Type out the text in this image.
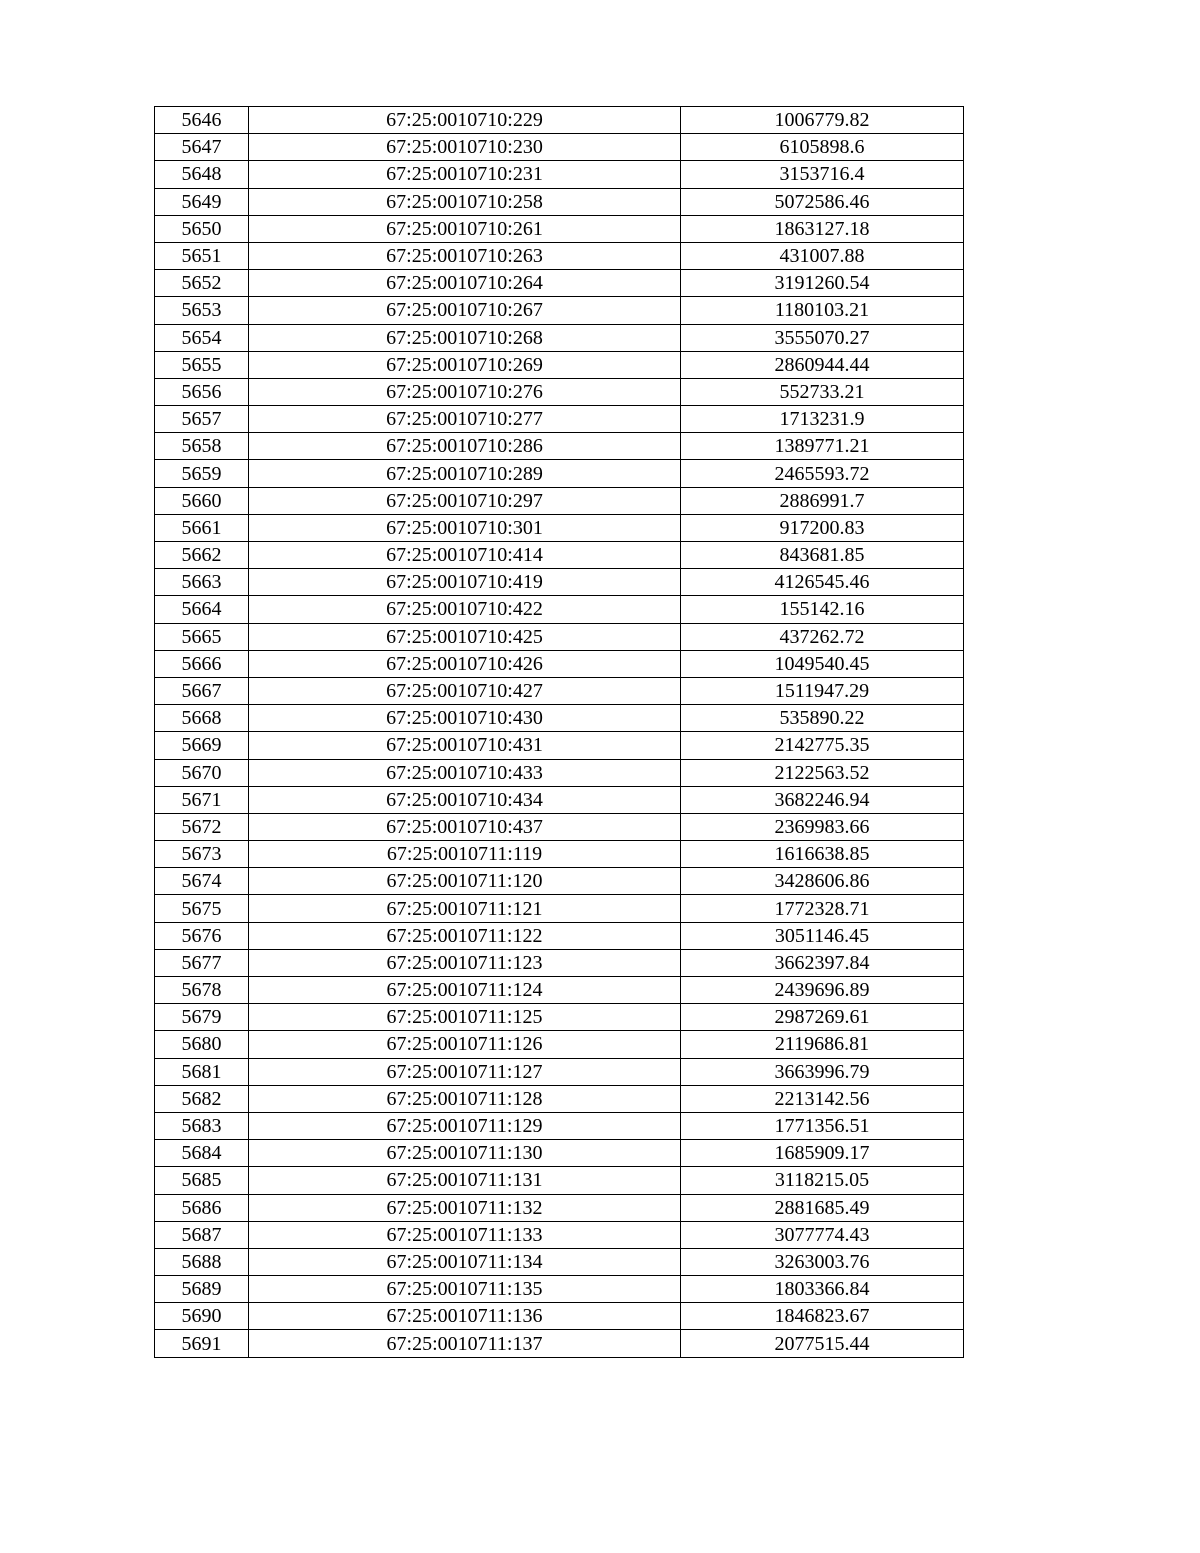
5646	67:25:0010710:229	1006779.82
5647	67:25:0010710:230	6105898.6
5648	67:25:0010710:231	3153716.4
5649	67:25:0010710:258	5072586.46
5650	67:25:0010710:261	1863127.18
5651	67:25:0010710:263	431007.88
5652	67:25:0010710:264	3191260.54
5653	67:25:0010710:267	1180103.21
5654	67:25:0010710:268	3555070.27
5655	67:25:0010710:269	2860944.44
5656	67:25:0010710:276	552733.21
5657	67:25:0010710:277	1713231.9
5658	67:25:0010710:286	1389771.21
5659	67:25:0010710:289	2465593.72
5660	67:25:0010710:297	2886991.7
5661	67:25:0010710:301	917200.83
5662	67:25:0010710:414	843681.85
5663	67:25:0010710:419	4126545.46
5664	67:25:0010710:422	155142.16
5665	67:25:0010710:425	437262.72
5666	67:25:0010710:426	1049540.45
5667	67:25:0010710:427	1511947.29
5668	67:25:0010710:430	535890.22
5669	67:25:0010710:431	2142775.35
5670	67:25:0010710:433	2122563.52
5671	67:25:0010710:434	3682246.94
5672	67:25:0010710:437	2369983.66
5673	67:25:0010711:119	1616638.85
5674	67:25:0010711:120	3428606.86
5675	67:25:0010711:121	1772328.71
5676	67:25:0010711:122	3051146.45
5677	67:25:0010711:123	3662397.84
5678	67:25:0010711:124	2439696.89
5679	67:25:0010711:125	2987269.61
5680	67:25:0010711:126	2119686.81
5681	67:25:0010711:127	3663996.79
5682	67:25:0010711:128	2213142.56
5683	67:25:0010711:129	1771356.51
5684	67:25:0010711:130	1685909.17
5685	67:25:0010711:131	3118215.05
5686	67:25:0010711:132	2881685.49
5687	67:25:0010711:133	3077774.43
5688	67:25:0010711:134	3263003.76
5689	67:25:0010711:135	1803366.84
5690	67:25:0010711:136	1846823.67
5691	67:25:0010711:137	2077515.44
